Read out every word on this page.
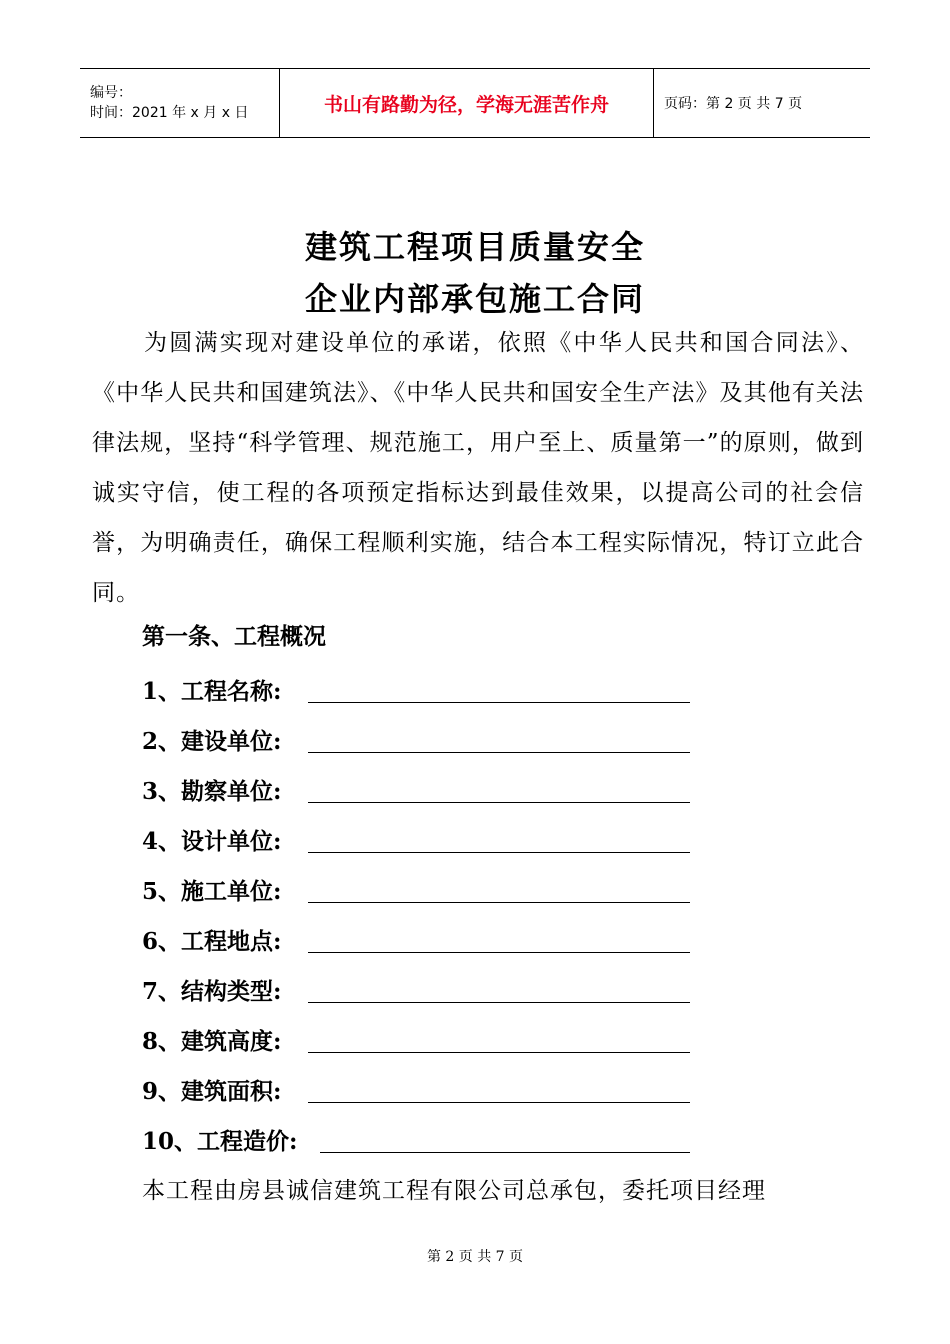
编号：
时间：2021 年 x 月 x 日	书山有路勤为径，学海无涯苦作舟	页码：第 2 页 共 7 页
建筑工程项目质量安全
企业内部承包施工合同
为圆满实现对建设单位的承诺，依照《中华人民共和国合同法》、《中华人民共和国建筑法》、《中华人民共和国安全生产法》及其他有关法律法规，坚持“科学管理、规范施工，用户至上、质量第一”的原则，做到诚实守信，使工程的各项预定指标达到最佳效果，以提高公司的社会信誉，为明确责任，确保工程顺利实施，结合本工程实际情况，特订立此合同。
第一条、工程概况
1、工程名称:
2、建设单位:
3、勘察单位:
4、设计单位:
5、施工单位:
6、工程地点:
7、结构类型:
8、建筑高度:
9、建筑面积:
10、工程造价:
本工程由房县诚信建筑工程有限公司总承包，委托项目经理
第 2 页 共 7 页
